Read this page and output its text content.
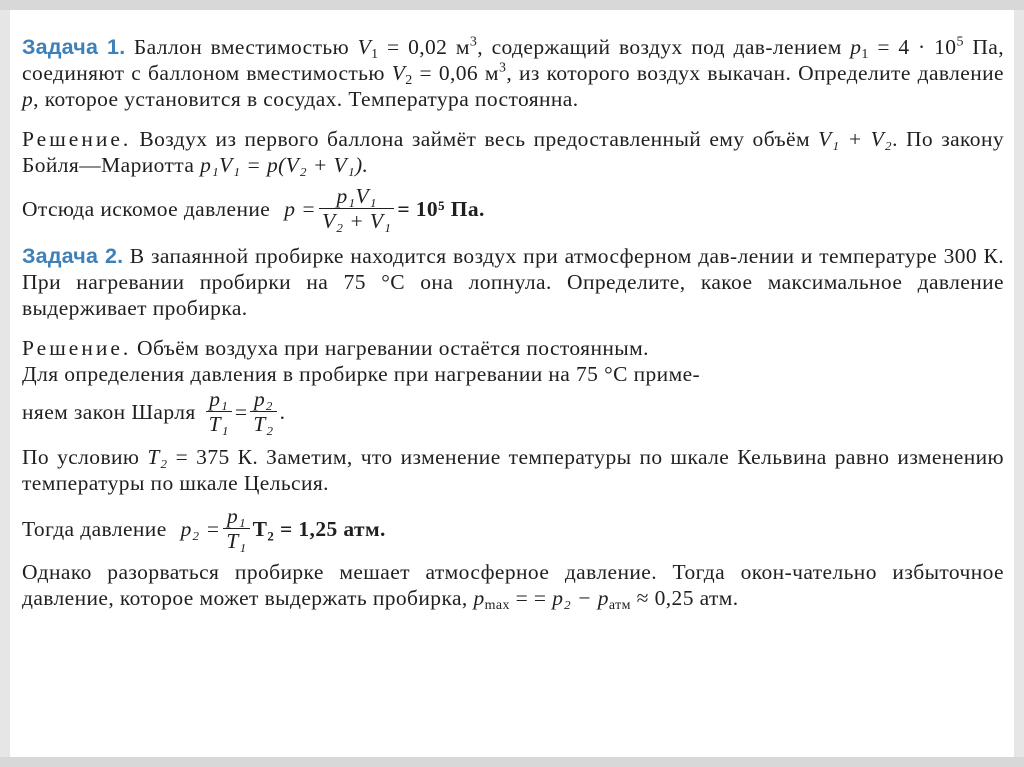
Задача 1. Баллон вместимостью $V_1 = 0,02$ $м^3$, содержащий воздух под дав-лением $p_1 = 4 \cdot 10^5$ Па, соединяют с баллоном вместимостью $V_2 = 0,06$ $м^3$, из которого воздух выкачан. Определите давление p, которое установится в сосудах. Температура постоянна.

Решение. Воздух из первого баллона займёт весь предоставленный ему объём V₁ + V₂. По закону Бойля—Мариотта p₁V₁ = p(V₂ + V₁).

Отсюда искомое давление $p = \frac{\text{p₁V₁}}{\text{V₂ + V₁}} = 10^5$ Па.

Задача 2. В запаянной пробирке находится воздух при атмосферном дав-лении и температуре 300 К. При нагревании пробирки на 75 °С она лопнула. Определите, какое максимальное давление выдерживает пробирка.

Решение. Объём воздуха при нагревании остаётся постоянным.

Для определения давления в пробирке при нагревании на 75 °С приме-

няем закон Шарля $\frac{\text{p₁}}{\text{T₁}} = \frac{\text{p₂}}{\text{T₂}}$ .

По условию T₂ = 375 К. Заметим, что изменение температуры по шкале Кельвина равно изменению температуры по шкале Цельсия.

Тогда давление $p_2 = \frac{\text{p₁}}{\text{T₁}} T_2 = 1,25$ атм.

Однако разорваться пробирке мешает атмосферное давление. Тогда окон-чательно избыточное давление, которое может выдержать пробирка, $p_{max}$ = = $p_2 - p_{атм} \approx 0,25$ атм.
